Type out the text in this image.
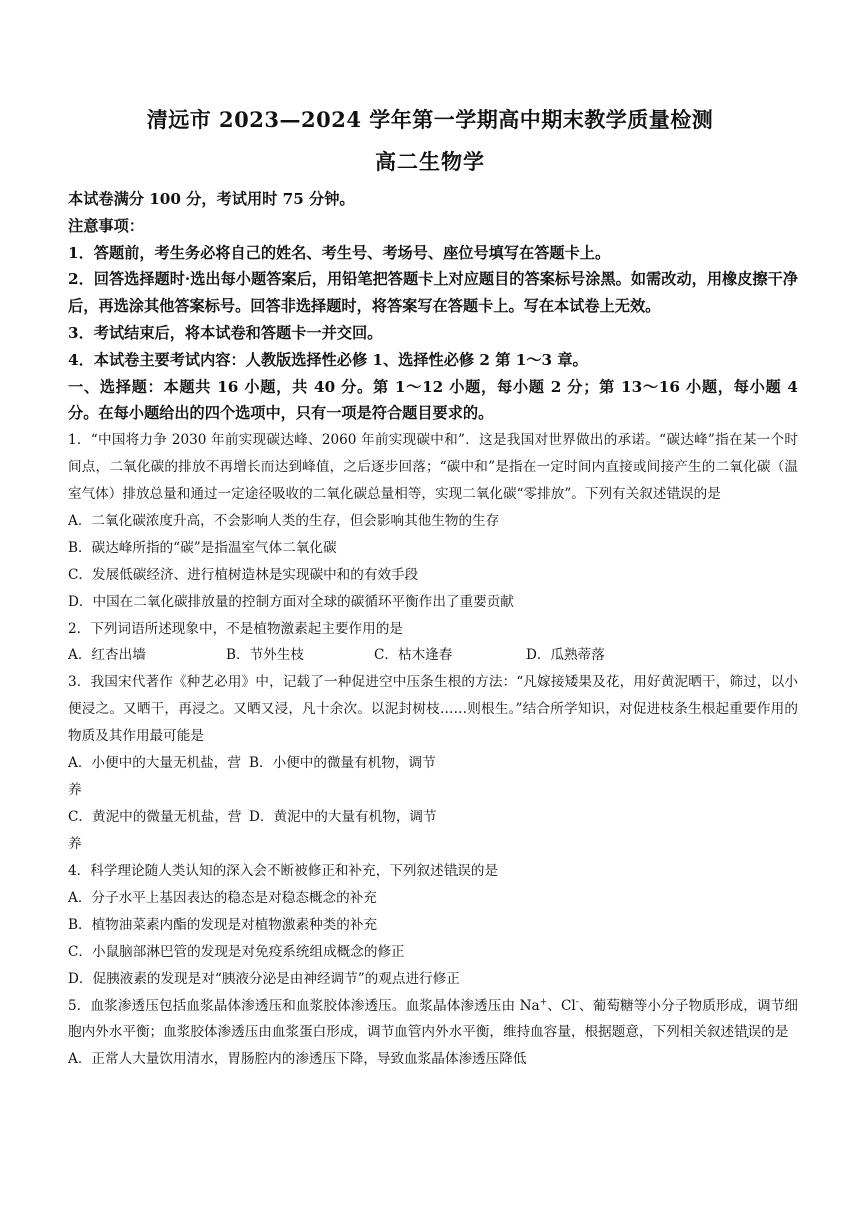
清远市 2023—2024 学年第一学期高中期末教学质量检测
高二生物学

本试卷满分 100 分，考试用时 75 分钟。

注意事项：

1．答题前，考生务必将自己的姓名、考生号、考场号、座位号填写在答题卡上。

2．回答选择题时·选出每小题答案后，用铅笔把答题卡上对应题目的答案标号涂黑。如需改动，用橡皮擦干净后，再选涂其他答案标号。回答非选择题时，将答案写在答题卡上。写在本试卷上无效。

3．考试结束后，将本试卷和答题卡一并交回。

4．本试卷主要考试内容：人教版选择性必修 1、选择性必修 2 第 1～3 章。

一、选择题：本题共 16 小题，共 40 分。第 1～12 小题，每小题 2 分；第 13～16 小题，每小题 4 分。在每小题给出的四个选项中，只有一项是符合题目要求的。

1．“中国将力争 2030 年前实现碳达峰、2060 年前实现碳中和”．这是我国对世界做出的承诺。“碳达峰”指在某一个时间点，二氧化碳的排放不再增长而达到峰值，之后逐步回落；“碳中和”是指在一定时间内直接或间接产生的二氧化碳（温室气体）排放总量和通过一定途径吸收的二氧化碳总量相等，实现二氧化碳“零排放”。下列有关叙述错误的是

A．二氧化碳浓度升高，不会影响人类的生存，但会影响其他生物的生存

B．碳达峰所指的“碳”是指温室气体二氧化碳

C．发展低碳经济、进行植树造林是实现碳中和的有效手段

D．中国在二氧化碳排放量的控制方面对全球的碳循环平衡作出了重要贡献

2．下列词语所述现象中，不是植物激素起主要作用的是

A．红杏出墙	B．节外生枝	C．枯木逢春	D．瓜熟蒂落

3．我国宋代著作《种艺必用》中，记载了一种促进空中压条生根的方法：“凡嫁接矮果及花，用好黄泥晒干，筛过，以小便浸之。又晒干，再浸之。又晒又浸，凡十余次。以泥封树枝……则根生。”结合所学知识，对促进枝条生根起重要作用的物质及其作用最可能是

A．小便中的大量无机盐，营养
B．小便中的微量有机物，调节
C．黄泥中的微量无机盐，营养
D．黄泥中的大量有机物，调节

4．科学理论随人类认知的深入会不断被修正和补充，下列叙述错误的是

A．分子水平上基因表达的稳态是对稳态概念的补充

B．植物油菜素内酯的发现是对植物激素种类的补充

C．小鼠脑部淋巴管的发现是对免疫系统组成概念的修正

D．促胰液素的发现是对“胰液分泌是由神经调节”的观点进行修正

5．血浆渗透压包括血浆晶体渗透压和血浆胶体渗透压。血浆晶体渗透压由 Na+、Cl-、葡萄糖等小分子物质形成，调节细胞内外水平衡；血浆胶体渗透压由血浆蛋白形成，调节血管内外水平衡，维持血容量，根据题意，下列相关叙述错误的是

A．正常人大量饮用清水，胃肠腔内的渗透压下降，导致血浆晶体渗透压降低
